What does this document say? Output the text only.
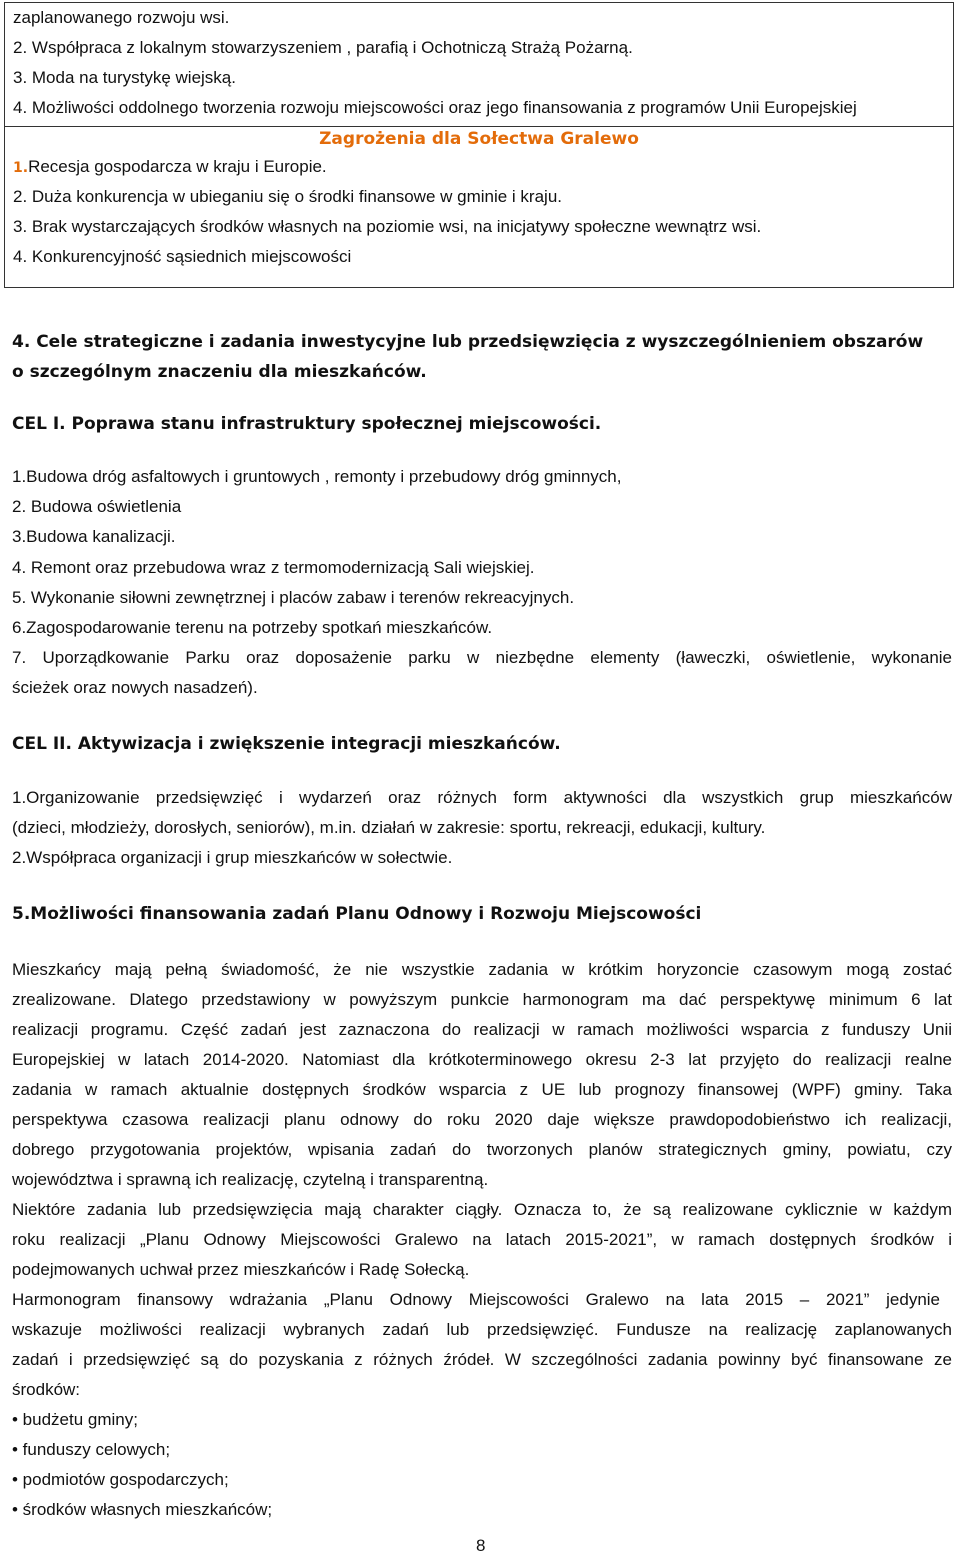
zaplanowanego rozwoju wsi.
2. Współpraca z lokalnym stowarzyszeniem , parafią i Ochotniczą Strażą Pożarną.
3. Moda na turystykę wiejską.
4. Możliwości oddolnego tworzenia rozwoju miejscowości oraz jego finansowania z programów Unii Europejskiej
Zagrożenia dla Sołectwa Gralewo
1.Recesja gospodarcza w kraju i Europie.
2. Duża konkurencja w ubieganiu się o środki finansowe w gminie i kraju.
3. Brak wystarczających środków własnych na poziomie wsi, na inicjatywy społeczne wewnątrz wsi.
4. Konkurencyjność sąsiednich miejscowości
4. Cele strategiczne i zadania inwestycyjne lub przedsięwzięcia z wyszczególnieniem obszarów
o szczególnym znaczeniu dla mieszkańców.
CEL I. Poprawa stanu infrastruktury społecznej miejscowości.
1.Budowa dróg asfaltowych i gruntowych , remonty i przebudowy dróg gminnych,
2. Budowa oświetlenia
3.Budowa kanalizacji.
4. Remont oraz przebudowa wraz z termomodernizacją Sali wiejskiej.
5. Wykonanie siłowni zewnętrznej i placów zabaw i terenów rekreacyjnych.
6.Zagospodarowanie terenu na potrzeby spotkań mieszkańców.
7. Uporządkowanie Parku oraz doposażenie parku w niezbędne elementy (ławeczki, oświetlenie, wykonanie
ścieżek oraz nowych nasadzeń).
CEL II. Aktywizacja i zwiększenie integracji mieszkańców.
1.Organizowanie przedsięwzięć i wydarzeń oraz różnych form aktywności dla wszystkich grup mieszkańców
(dzieci, młodzieży, dorosłych, seniorów), m.in. działań w zakresie: sportu, rekreacji, edukacji, kultury.
2.Współpraca organizacji i grup mieszkańców w sołectwie.
5.Możliwości finansowania zadań Planu Odnowy i Rozwoju Miejscowości
Mieszkańcy mają pełną świadomość, że nie wszystkie zadania w krótkim horyzoncie czasowym mogą zostać
zrealizowane. Dlatego przedstawiony w powyższym punkcie harmonogram ma dać perspektywę minimum 6 lat
realizacji programu. Część zadań jest zaznaczona do realizacji w ramach możliwości wsparcia z funduszy Unii
Europejskiej w latach 2014-2020. Natomiast dla krótkoterminowego okresu 2-3 lat przyjęto do realizacji realne
zadania w ramach aktualnie dostępnych środków wsparcia z UE lub prognozy finansowej (WPF) gminy. Taka
perspektywa czasowa realizacji planu odnowy do roku 2020 daje większe prawdopodobieństwo ich realizacji,
dobrego przygotowania projektów, wpisania zadań do tworzonych planów strategicznych gminy, powiatu, czy
województwa i sprawną ich realizację, czytelną i transparentną.
Niektóre zadania lub przedsięwzięcia mają charakter ciągły. Oznacza to, że są realizowane cyklicznie w każdym
roku realizacji „Planu Odnowy Miejscowości Gralewo na latach 2015-2021”, w ramach dostępnych środków i
podejmowanych uchwał przez mieszkańców i Radę Sołecką.
Harmonogram finansowy wdrażania „Planu Odnowy Miejscowości Gralewo na lata 2015 – 2021” jedynie
wskazuje możliwości realizacji wybranych zadań lub przedsięwzięć. Fundusze na realizację zaplanowanych
zadań i przedsięwzięć są do pozyskania z różnych źródeł. W szczególności zadania powinny być finansowane ze
środków:
• budżetu gminy;
• funduszy celowych;
• podmiotów gospodarczych;
• środków własnych mieszkańców;
8
